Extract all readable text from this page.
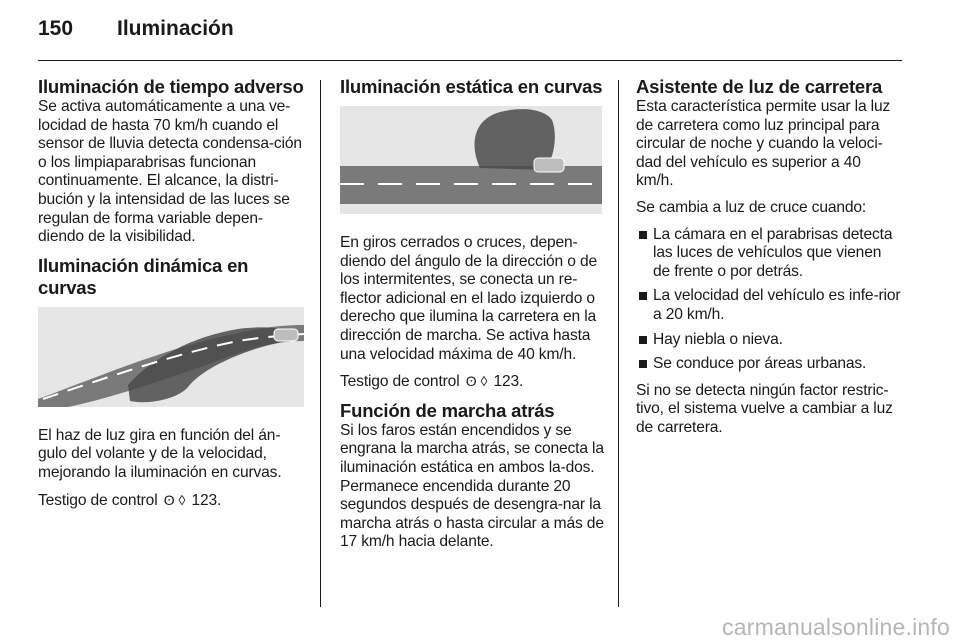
150 Iluminación
Iluminación de tiempo adverso

Se activa automáticamente a una ve-locidad de hasta 70 km/h cuando el sensor de lluvia detecta condensa-ción o los limpiaparabrisas funcionan continuamente. El alcance, la distri-bución y la intensidad de las luces se regulan de forma variable depen-diendo de la visibilidad.

Iluminación dinámica en curvas

El haz de luz gira en función del án-gulo del volante y de la velocidad, mejorando la iluminación en curvas.

Testigo de control ʘ ◊ 123.

Iluminación estática en curvas

En giros cerrados o cruces, depen-diendo del ángulo de la dirección o de los intermitentes, se conecta un re-flector adicional en el lado izquierdo o derecho que ilumina la carretera en la dirección de marcha. Se activa hasta una velocidad máxima de 40 km/h.

Testigo de control ʘ ◊ 123.

Función de marcha atrás

Si los faros están encendidos y se engrana la marcha atrás, se conecta la iluminación estática en ambos la-dos. Permanece encendida durante 20 segundos después de desengra-nar la marcha atrás o hasta circular a más de 17 km/h hacia delante.

Asistente de luz de carretera

Esta característica permite usar la luz de carretera como luz principal para circular de noche y cuando la veloci-dad del vehículo es superior a 40 km/h.

Se cambia a luz de cruce cuando:

La cámara en el parabrisas detecta las luces de vehículos que vienen de frente o por detrás.
La velocidad del vehículo es infe-rior a 20 km/h.
Hay niebla o nieva.
Se conduce por áreas urbanas.

Si no se detecta ningún factor restric-tivo, el sistema vuelve a cambiar a luz de carretera.

carmanualsonline.info
